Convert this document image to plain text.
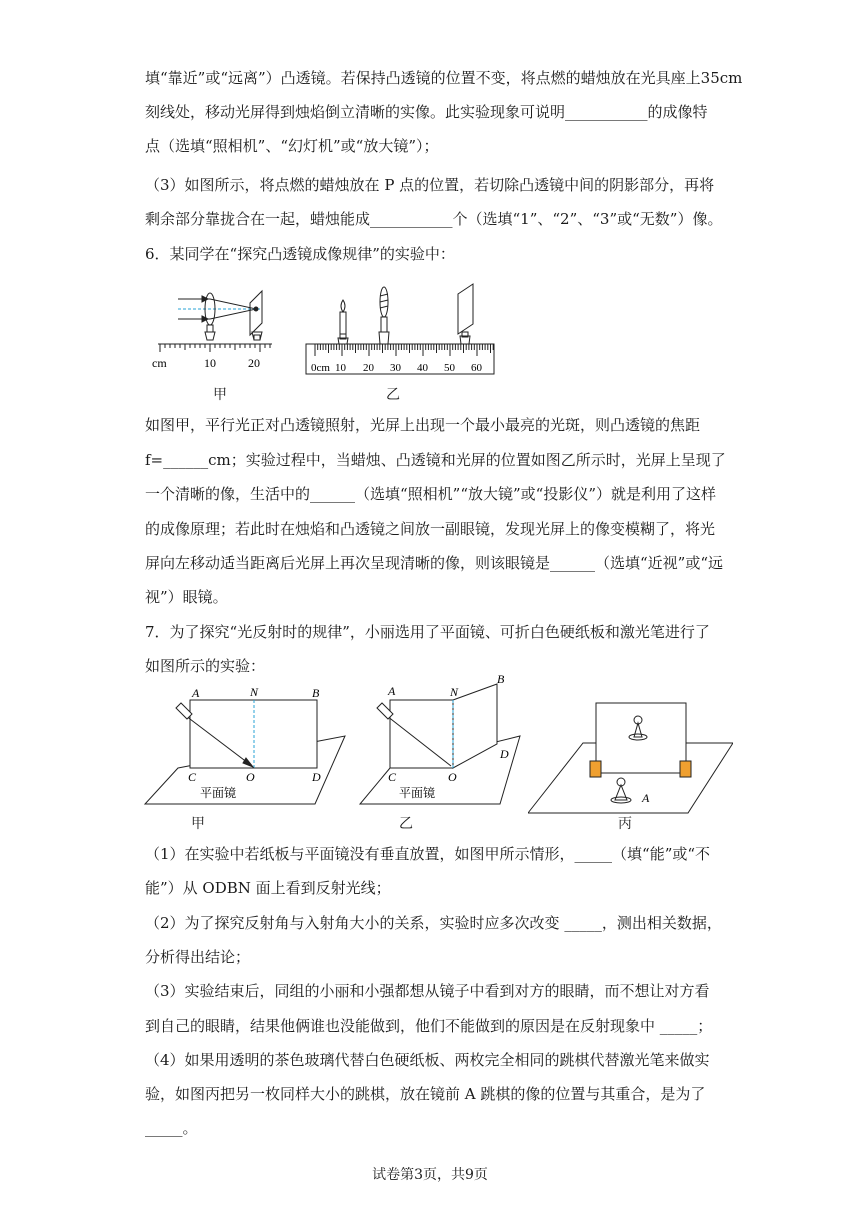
填“靠近”或“远离”）凸透镜。若保持凸透镜的位置不变，将点燃的蜡烛放在光具座上35cm
刻线处，移动光屏得到烛焰倒立清晰的实像。此实验现象可说明___________的成像特
点（选填“照相机”、“幻灯机”或“放大镜”）；
（3）如图所示，将点燃的蜡烛放在 P 点的位置，若切除凸透镜中间的阴影部分，再将
剩余部分靠拢合在一起，蜡烛能成___________个（选填“1”、“2”、“3”或“无数”）像。
6．某同学在“探究凸透镜成像规律”的实验中：
cm	10	20
甲
0cm 10 20 30 40 50 60
乙
如图甲，平行光正对凸透镜照射，光屏上出现一个最小最亮的光斑，则凸透镜的焦距
f=______cm；实验过程中，当蜡烛、凸透镜和光屏的位置如图乙所示时，光屏上呈现了
一个清晰的像，生活中的______（选填“照相机”“放大镜”或“投影仪”）就是利用了这样
的成像原理；若此时在烛焰和凸透镜之间放一副眼镜，发现光屏上的像变模糊了，将光
屏向左移动适当距离后光屏上再次呈现清晰的像，则该眼镜是______（选填“近视”或“远
视”）眼镜。
7．为了探究“光反射时的规律”，小丽选用了平面镜、可折白色硬纸板和激光笔进行了
如图所示的实验：
A	N	B
C	O	D
平面镜
甲
A	N
B
C	O
D
平面镜
乙
A
丙
（1）在实验中若纸板与平面镜没有垂直放置，如图甲所示情形，_____（填“能”或“不
能”）从 ODBN 面上看到反射光线；
（2）为了探究反射角与入射角大小的关系，实验时应多次改变 _____，测出相关数据，
分析得出结论；
（3）实验结束后，同组的小丽和小强都想从镜子中看到对方的眼睛，而不想让对方看
到自己的眼睛，结果他俩谁也没能做到，他们不能做到的原因是在反射现象中 _____；
（4）如果用透明的茶色玻璃代替白色硬纸板、两枚完全相同的跳棋代替激光笔来做实
验，如图丙把另一枚同样大小的跳棋，放在镜前 A 跳棋的像的位置与其重合，是为了
_____。
试卷第3页，共9页
